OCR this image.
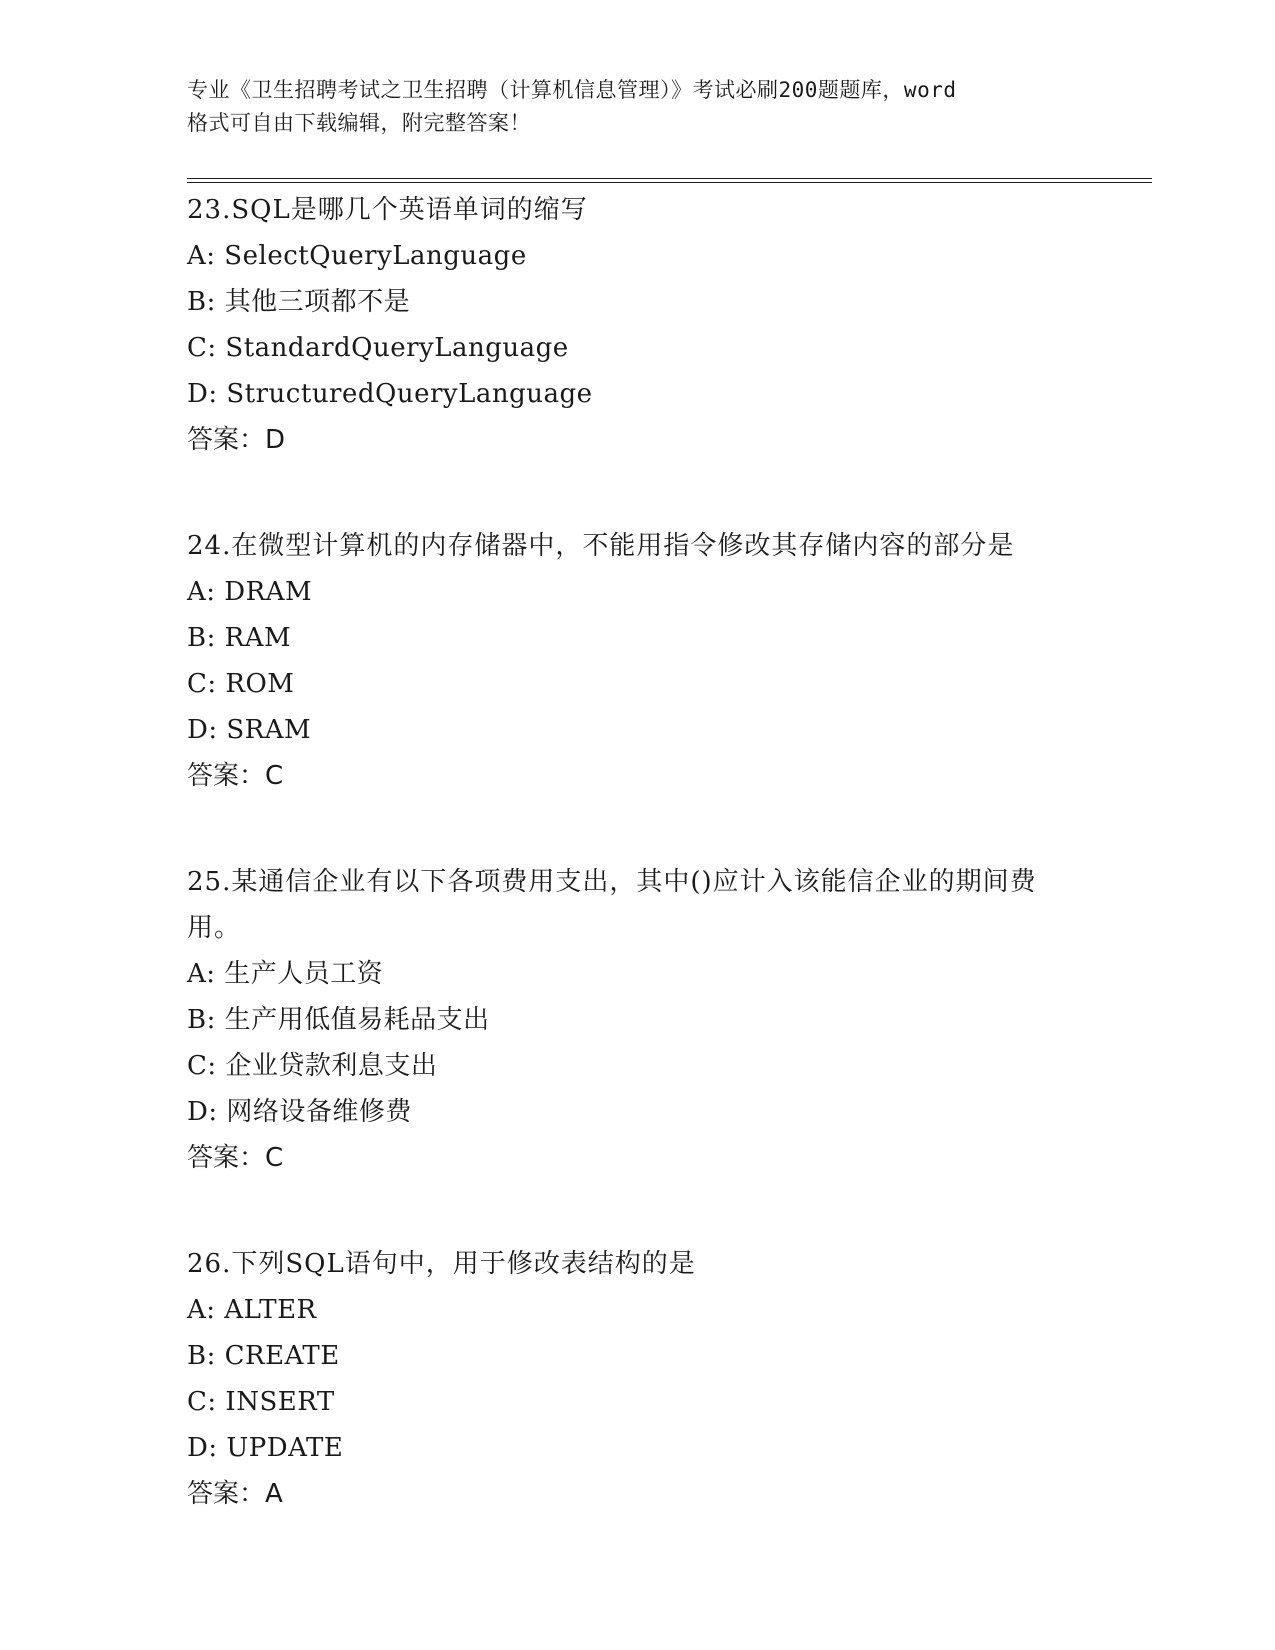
专业《卫生招聘考试之卫生招聘（计算机信息管理）》考试必刷200题题库，word
格式可自由下载编辑，附完整答案！

23.SQL是哪几个英语单词的缩写

A: SelectQueryLanguage

B: 其他三项都不是

C: StandardQueryLanguage

D: StructuredQueryLanguage

答案：D

24.在微型计算机的内存储器中，不能用指令修改其存储内容的部分是

A: DRAM

B: RAM

C: ROM

D: SRAM

答案：C

25.某通信企业有以下各项费用支出，其中()应计入该能信企业的期间费用。

A: 生产人员工资

B: 生产用低值易耗品支出

C: 企业贷款利息支出

D: 网络设备维修费

答案：C

26.下列SQL语句中，用于修改表结构的是

A: ALTER

B: CREATE

C: INSERT

D: UPDATE

答案：A
